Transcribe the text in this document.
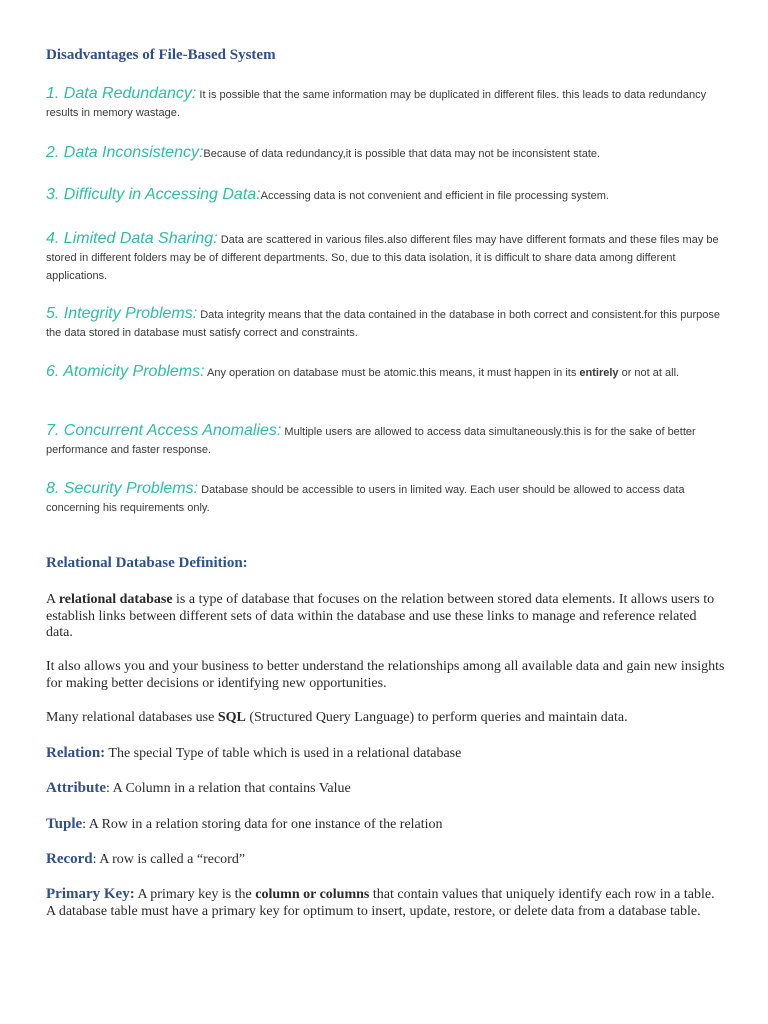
Disadvantages of File-Based System

1. Data Redundancy: It is possible that the same information may be duplicated in different files. this leads to data redundancy results in memory wastage.

2. Data Inconsistency:Because of data redundancy,it is possible that data may not be inconsistent state.

3. Difficulty in Accessing Data:Accessing data is not convenient and efficient in file processing system.

4. Limited Data Sharing: Data are scattered in various files.also different files may have different formats and these files may be stored in different folders may be of different departments. So, due to this data isolation, it is difficult to share data among different applications.

5. Integrity Problems: Data integrity means that the data contained in the database in both correct and consistent.for this purpose the data stored in database must satisfy correct and constraints.

6. Atomicity Problems: Any operation on database must be atomic.this means, it must happen in its entirely or not at all.

7. Concurrent Access Anomalies: Multiple users are allowed to access data simultaneously.this is for the sake of better performance and faster response.

8. Security Problems: Database should be accessible to users in limited way. Each user should be allowed to access data concerning his requirements only.

Relational Database Definition:

A relational database is a type of database that focuses on the relation between stored data elements. It allows users to establish links between different sets of data within the database and use these links to manage and reference related data.

It also allows you and your business to better understand the relationships among all available data and gain new insights for making better decisions or identifying new opportunities.

Many relational databases use SQL (Structured Query Language) to perform queries and maintain data.

Relation: The special Type of table which is used in a relational database

Attribute: A Column in a relation that contains Value

Tuple: A Row in a relation storing data for one instance of the relation

Record: A row is called a “record”

Primary Key: A primary key is the column or columns that contain values that uniquely identify each row in a table. A database table must have a primary key for optimum to insert, update, restore, or delete data from a database table.
